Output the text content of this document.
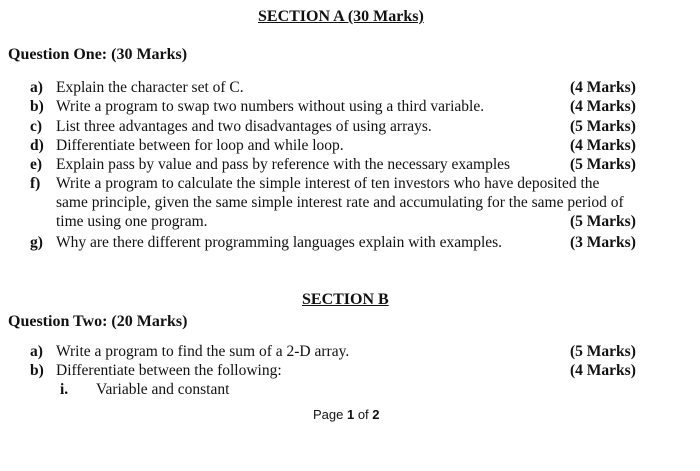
SECTION A (30 Marks)
Question One: (30 Marks)
a) Explain the character set of C.	(4 Marks)
b) Write a program to swap two numbers without using a third variable.	(4 Marks)
c) List three advantages and two disadvantages of using arrays.	(5 Marks)
d) Differentiate between for loop and while loop.	(4 Marks)
e) Explain pass by value and pass by reference with the necessary examples	(5 Marks)
f) Write a program to calculate the simple interest of ten investors who have deposited the
same principle, given the same simple interest rate and accumulating for the same period of
time using one program.	(5 Marks)
g) Why are there different programming languages explain with examples.	(3 Marks)
SECTION B
Question Two: (20 Marks)
a) Write a program to find the sum of a 2-D array.	(5 Marks)
b) Differentiate between the following:	(4 Marks)
i. Variable and constant
Page 1 of 2
